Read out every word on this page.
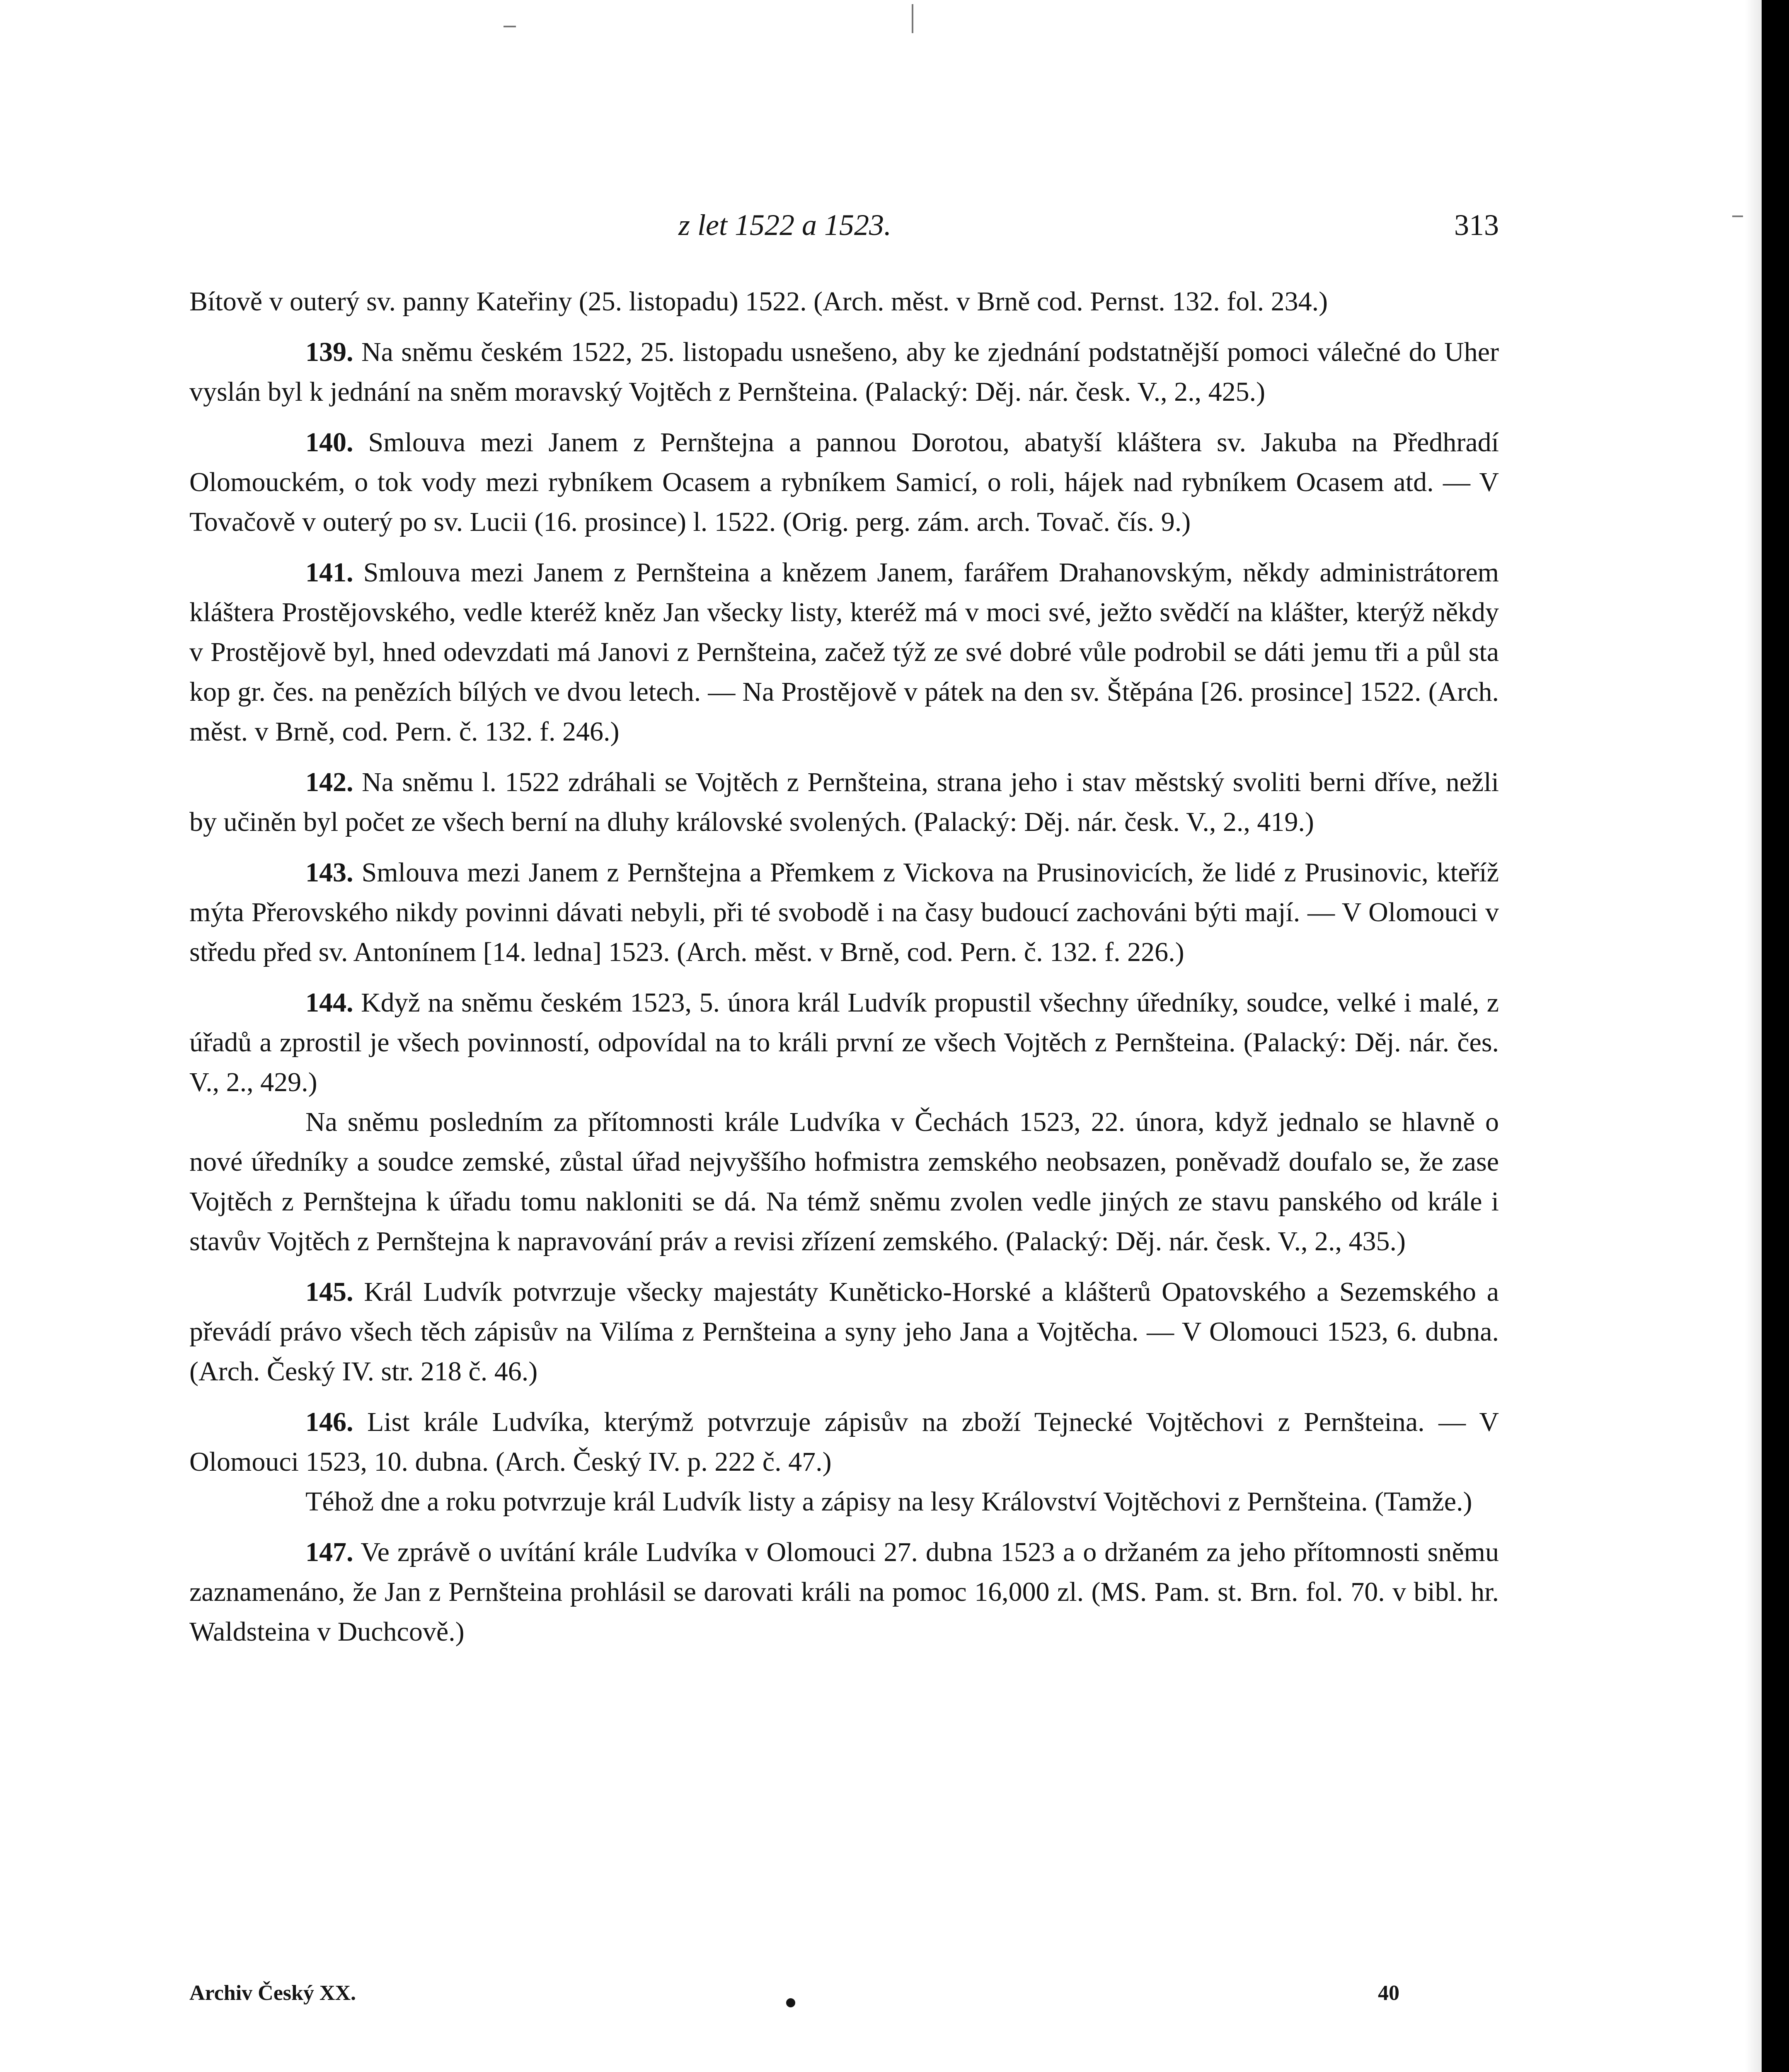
z let 1522 a 1523.	313

Bítově v outerý sv. panny Kateřiny (25. listopadu) 1522. (Arch. měst. v Brně cod. Pernst. 132. fol. 234.)

139. Na sněmu českém 1522, 25. listopadu usnešeno, aby ke zjednání podstatnější pomoci válečné do Uher vyslán byl k jednání na sněm moravský Vojtěch z Pernšteina. (Palacký: Děj. nár. česk. V., 2., 425.)

140. Smlouva mezi Janem z Pernštejna a pannou Dorotou, abatyší kláštera sv. Jakuba na Předhradí Olomouckém, o tok vody mezi rybníkem Ocasem a rybníkem Samicí, o roli, hájek nad rybníkem Ocasem atd. — V Tovačově v outerý po sv. Lucii (16. prosince) l. 1522. (Orig. perg. zám. arch. Tovač. čís. 9.)

141. Smlouva mezi Janem z Pernšteina a knězem Janem, farářem Drahanovským, někdy administrátorem kláštera Prostějovského, vedle kteréž kněz Jan všecky listy, kteréž má v moci své, ježto svědčí na klášter, kterýž někdy v Prostějově byl, hned odevzdati má Janovi z Pernšteina, začež týž ze své dobré vůle podrobil se dáti jemu tři a půl sta kop gr. čes. na penězích bílých ve dvou letech. — Na Prostějově v pátek na den sv. Štěpána [26. prosince] 1522. (Arch. měst. v Brně, cod. Pern. č. 132. f. 246.)

142. Na sněmu l. 1522 zdráhali se Vojtěch z Pernšteina, strana jeho i stav městský svoliti berni dříve, nežli by učiněn byl počet ze všech berní na dluhy královské svolených. (Palacký: Děj. nár. česk. V., 2., 419.)

143. Smlouva mezi Janem z Pernštejna a Přemkem z Vickova na Prusinovicích, že lidé z Prusinovic, kteříž mýta Přerovského nikdy povinni dávati nebyli, při té svobodě i na časy budoucí zachováni býti mají. — V Olomouci v středu před sv. Antonínem [14. ledna] 1523. (Arch. měst. v Brně, cod. Pern. č. 132. f. 226.)

144. Když na sněmu českém 1523, 5. února král Ludvík propustil všechny úředníky, soudce, velké i malé, z úřadů a zprostil je všech povinností, odpovídal na to králi první ze všech Vojtěch z Pernšteina. (Palacký: Děj. nár. čes. V., 2., 429.)

Na sněmu posledním za přítomnosti krále Ludvíka v Čechách 1523, 22. února, když jednalo se hlavně o nové úředníky a soudce zemské, zůstal úřad nejvyššího hofmistra zemského neobsazen, poněvadž doufalo se, že zase Vojtěch z Pernštejna k úřadu tomu nakloniti se dá. Na témž sněmu zvolen vedle jiných ze stavu panského od krále i stavův Vojtěch z Pernštejna k napravování práv a revisi zřízení zemského. (Palacký: Děj. nár. česk. V., 2., 435.)

145. Král Ludvík potvrzuje všecky majestáty Kuněticko-Horské a klášterů Opatovského a Sezemského a převádí právo všech těch zápisův na Vilíma z Pernšteina a syny jeho Jana a Vojtěcha. — V Olomouci 1523, 6. dubna. (Arch. Český IV. str. 218 č. 46.)

146. List krále Ludvíka, kterýmž potvrzuje zápisův na zboží Tejnecké Vojtěchovi z Pernšteina. — V Olomouci 1523, 10. dubna. (Arch. Český IV. p. 222 č. 47.)

Téhož dne a roku potvrzuje král Ludvík listy a zápisy na lesy Království Vojtěchovi z Pernšteina. (Tamže.)

147. Ve zprávě o uvítání krále Ludvíka v Olomouci 27. dubna 1523 a o držaném za jeho přítomnosti sněmu zaznamenáno, že Jan z Pernšteina prohlásil se darovati králi na pomoc 16,000 zl. (MS. Pam. st. Brn. fol. 70. v bibl. hr. Waldsteina v Duchcově.)

Archiv Český XX.	40
